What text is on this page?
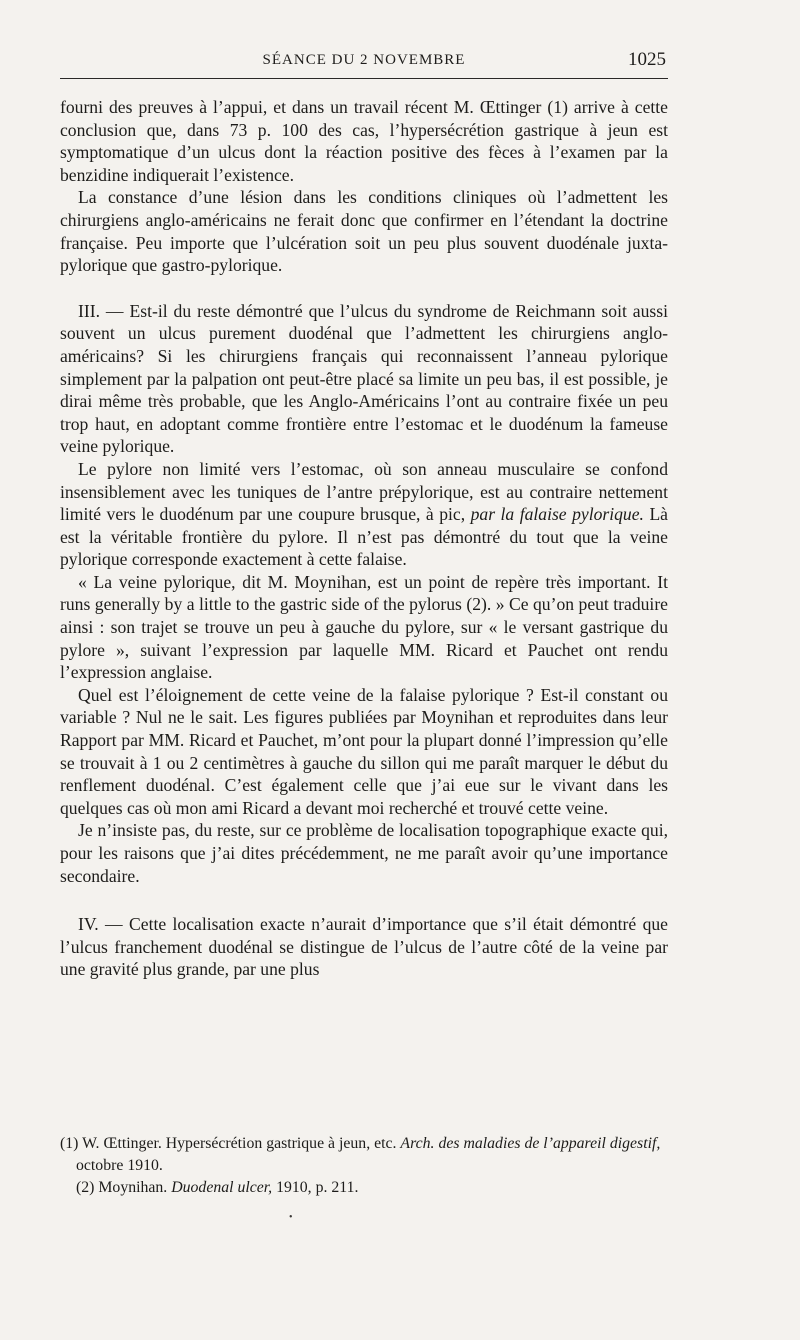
SÉANCE DU 2 NOVEMBRE	1025

fourni des preuves à l’appui, et dans un travail récent M. Œttinger (1) arrive à cette conclusion que, dans 73 p. 100 des cas, l’hypersécrétion gastrique à jeun est symptomatique d’un ulcus dont la réaction positive des fèces à l’examen par la benzidine indiquerait l’existence.

La constance d’une lésion dans les conditions cliniques où l’admettent les chirurgiens anglo-américains ne ferait donc que confirmer en l’étendant la doctrine française. Peu importe que l’ulcération soit un peu plus souvent duodénale juxta-pylorique que gastro-pylorique.

III. — Est-il du reste démontré que l’ulcus du syndrome de Reichmann soit aussi souvent un ulcus purement duodénal que l’admettent les chirurgiens anglo-américains? Si les chirurgiens français qui reconnaissent l’anneau pylorique simplement par la palpation ont peut-être placé sa limite un peu bas, il est possible, je dirai même très probable, que les Anglo-Américains l’ont au contraire fixée un peu trop haut, en adoptant comme frontière entre l’estomac et le duodénum la fameuse veine pylorique.

Le pylore non limité vers l’estomac, où son anneau musculaire se confond insensiblement avec les tuniques de l’antre prépylorique, est au contraire nettement limité vers le duodénum par une coupure brusque, à pic, par la falaise pylorique. Là est la véritable frontière du pylore. Il n’est pas démontré du tout que la veine pylorique corresponde exactement à cette falaise.

« La veine pylorique, dit M. Moynihan, est un point de repère très important. It runs generally by a little to the gastric side of the pylorus (2). » Ce qu’on peut traduire ainsi : son trajet se trouve un peu à gauche du pylore, sur « le versant gastrique du pylore », suivant l’expression par laquelle MM. Ricard et Pauchet ont rendu l’expression anglaise.

Quel est l’éloignement de cette veine de la falaise pylorique ? Est-il constant ou variable ? Nul ne le sait. Les figures publiées par Moynihan et reproduites dans leur Rapport par MM. Ricard et Pauchet, m’ont pour la plupart donné l’impression qu’elle se trouvait à 1 ou 2 centimètres à gauche du sillon qui me paraît marquer le début du renflement duodénal. C’est également celle que j’ai eue sur le vivant dans les quelques cas où mon ami Ricard a devant moi recherché et trouvé cette veine.

Je n’insiste pas, du reste, sur ce problème de localisation topographique exacte qui, pour les raisons que j’ai dites précédemment, ne me paraît avoir qu’une importance secondaire.

IV. — Cette localisation exacte n’aurait d’importance que s’il était démontré que l’ulcus franchement duodénal se distingue de l’ulcus de l’autre côté de la veine par une gravité plus grande, par une plus

(1) W. Œttinger. Hypersécrétion gastrique à jeun, etc. Arch. des maladies de l’appareil digestif, octobre 1910.

(2) Moynihan. Duodenal ulcer, 1910, p. 211.

•
